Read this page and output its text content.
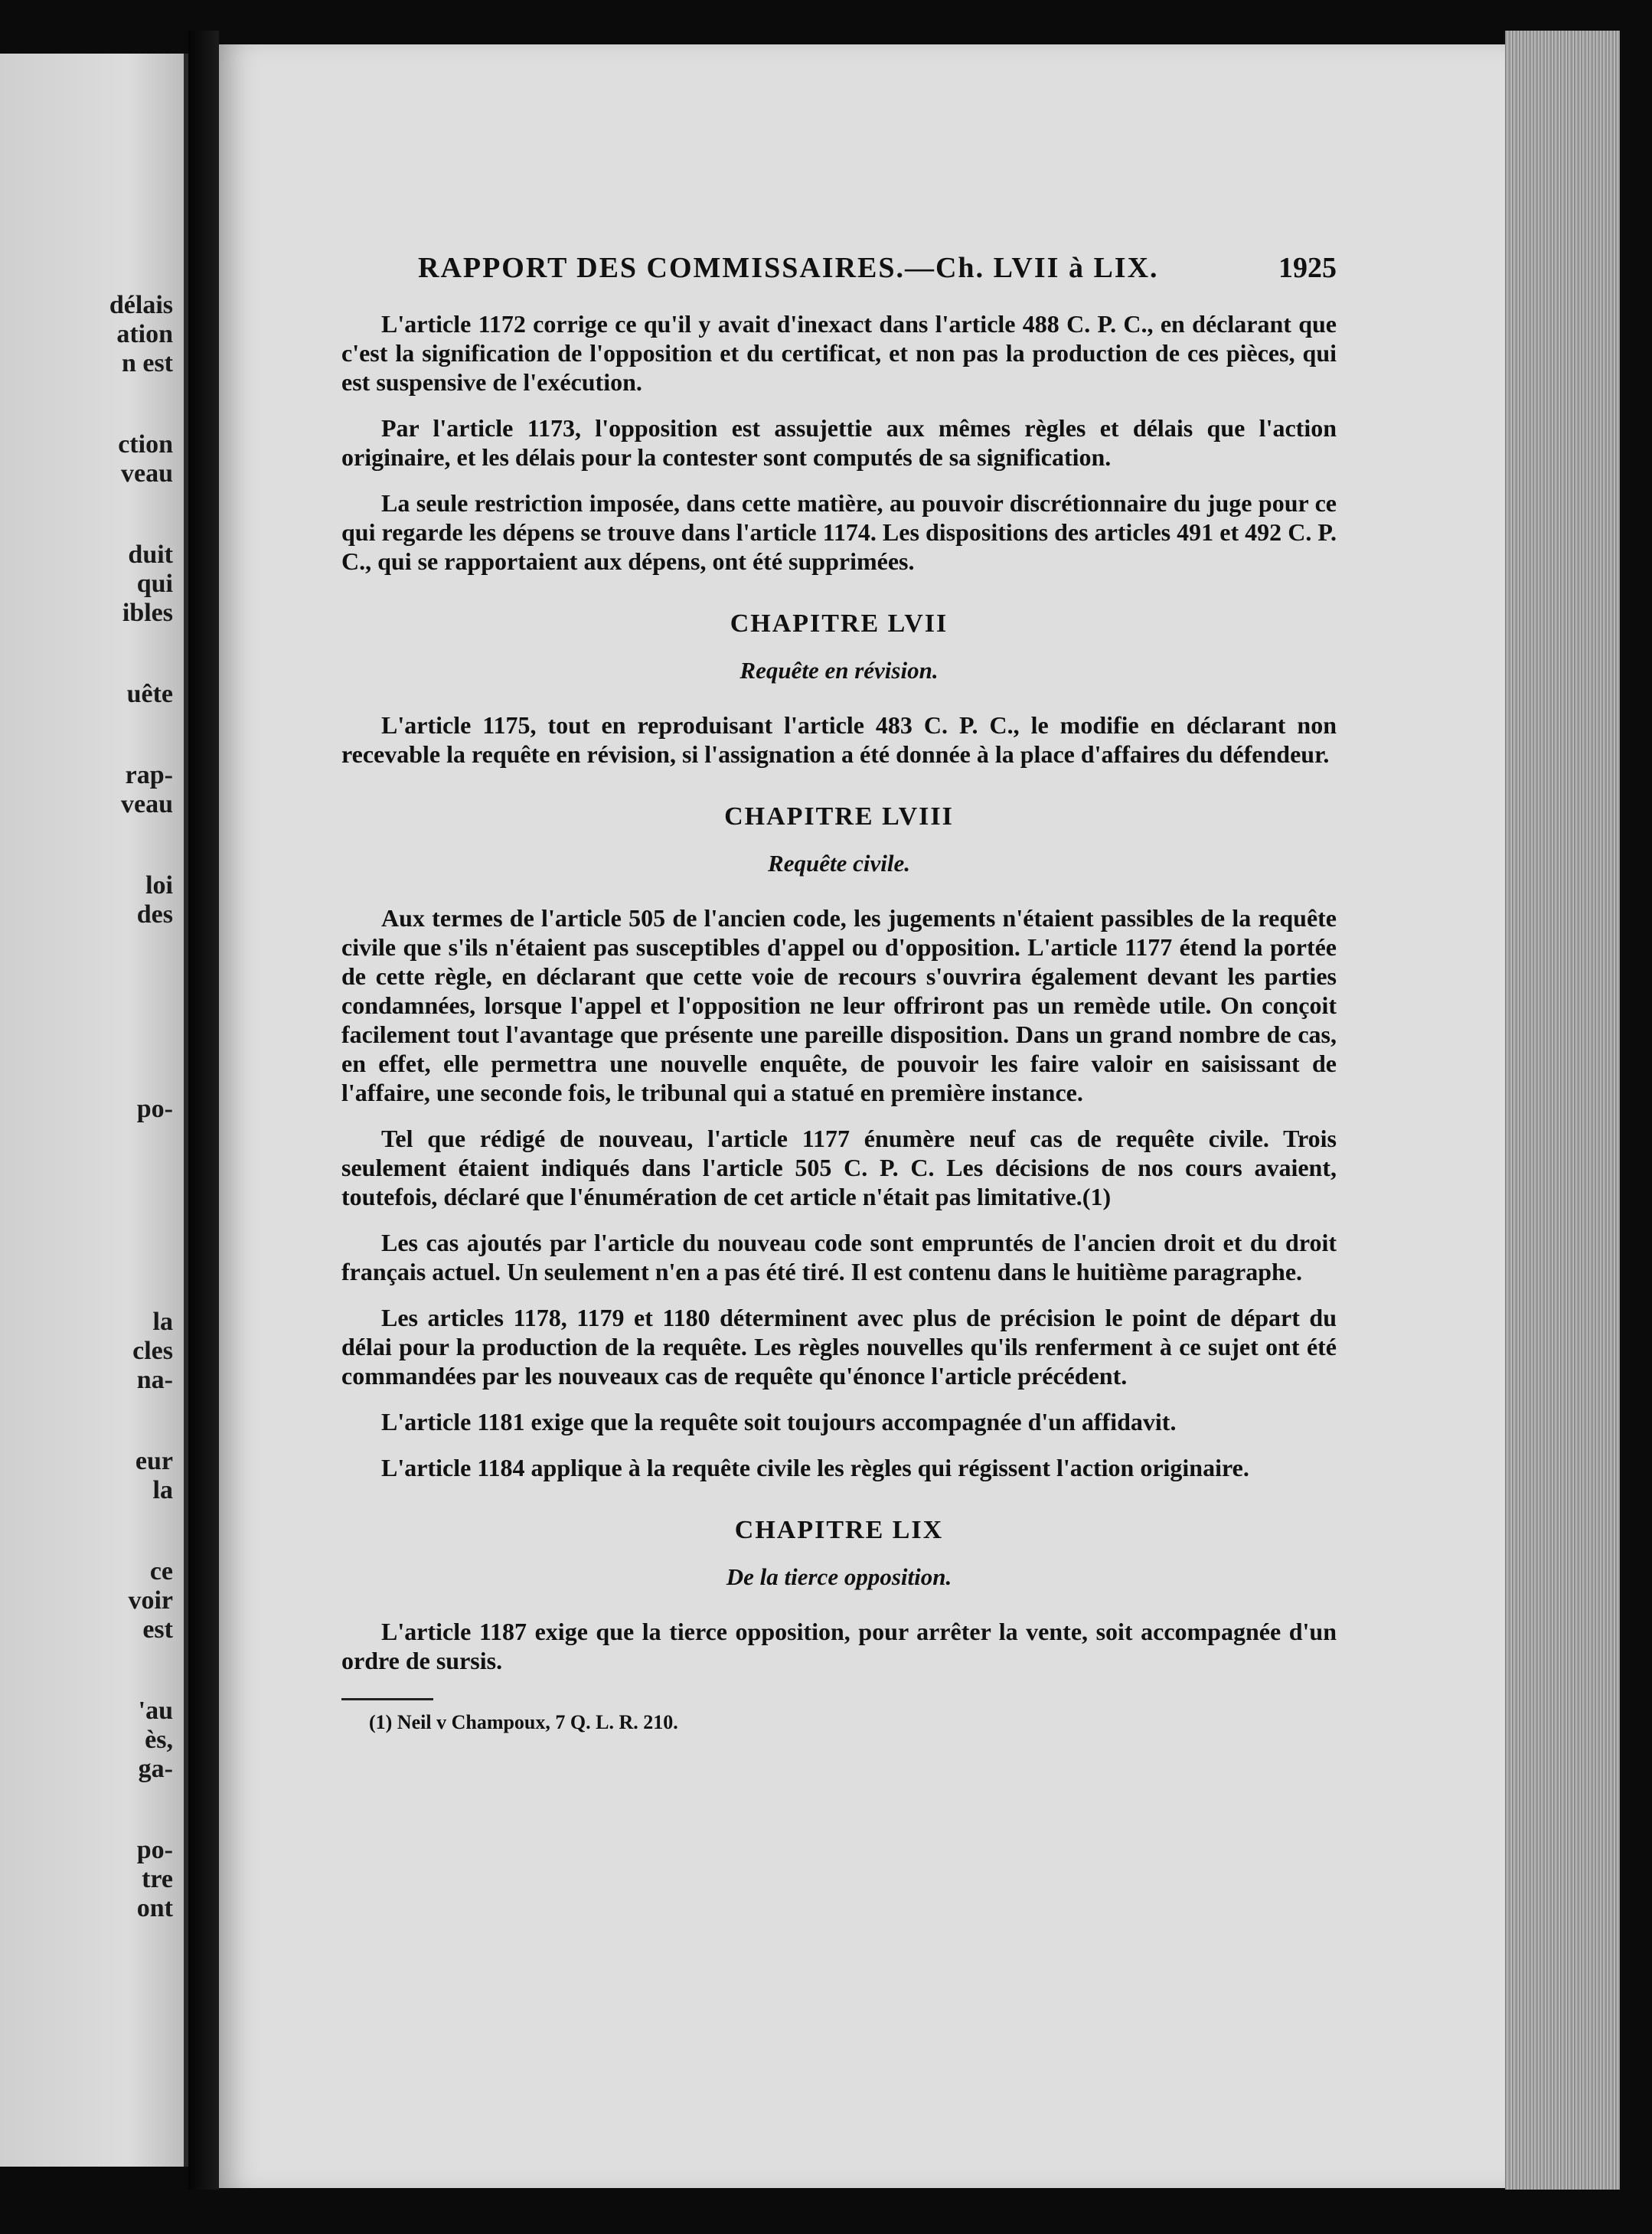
délais

ation

n est

ction

veau

duit

qui

ibles

uête

rap-

veau

loi

des

po-

la

cles

na-

eur

la

ce

voir

est

'au

ès,

ga-

po-

tre

ont

RAPPORT DES COMMISSAIRES.—Ch. LVII à LIX.	1925

L'article 1172 corrige ce qu'il y avait d'inexact dans l'article 488 C. P. C., en déclarant que c'est la signification de l'opposition et du certificat, et non pas la production de ces pièces, qui est suspensive de l'exécution.

Par l'article 1173, l'opposition est assujettie aux mêmes règles et délais que l'action originaire, et les délais pour la contester sont computés de sa signification.

La seule restriction imposée, dans cette matière, au pouvoir discrétionnaire du juge pour ce qui regarde les dépens se trouve dans l'article 1174. Les dispositions des articles 491 et 492 C. P. C., qui se rapportaient aux dépens, ont été supprimées.

CHAPITRE LVII
Requête en révision.

L'article 1175, tout en reproduisant l'article 483 C. P. C., le modifie en déclarant non recevable la requête en révision, si l'assignation a été donnée à la place d'affaires du défendeur.

CHAPITRE LVIII
Requête civile.

Aux termes de l'article 505 de l'ancien code, les jugements n'étaient passibles de la requête civile que s'ils n'étaient pas susceptibles d'appel ou d'opposition. L'article 1177 étend la portée de cette règle, en déclarant que cette voie de recours s'ouvrira également devant les parties condamnées, lorsque l'appel et l'opposition ne leur offriront pas un remède utile. On conçoit facilement tout l'avantage que présente une pareille disposition. Dans un grand nombre de cas, en effet, elle permettra une nouvelle enquête, de pouvoir les faire valoir en saisissant de l'affaire, une seconde fois, le tribunal qui a statué en première instance.

Tel que rédigé de nouveau, l'article 1177 énumère neuf cas de requête civile. Trois seulement étaient indiqués dans l'article 505 C. P. C. Les décisions de nos cours avaient, toutefois, déclaré que l'énumération de cet article n'était pas limitative.(1)

Les cas ajoutés par l'article du nouveau code sont empruntés de l'ancien droit et du droit français actuel. Un seulement n'en a pas été tiré. Il est contenu dans le huitième paragraphe.

Les articles 1178, 1179 et 1180 déterminent avec plus de précision le point de départ du délai pour la production de la requête. Les règles nouvelles qu'ils renferment à ce sujet ont été commandées par les nouveaux cas de requête qu'énonce l'article précédent.

L'article 1181 exige que la requête soit toujours accompagnée d'un affidavit.

L'article 1184 applique à la requête civile les règles qui régissent l'action originaire.

CHAPITRE LIX
De la tierce opposition.

L'article 1187 exige que la tierce opposition, pour arrêter la vente, soit accompagnée d'un ordre de sursis.

(1) Neil v Champoux, 7 Q. L. R. 210.
